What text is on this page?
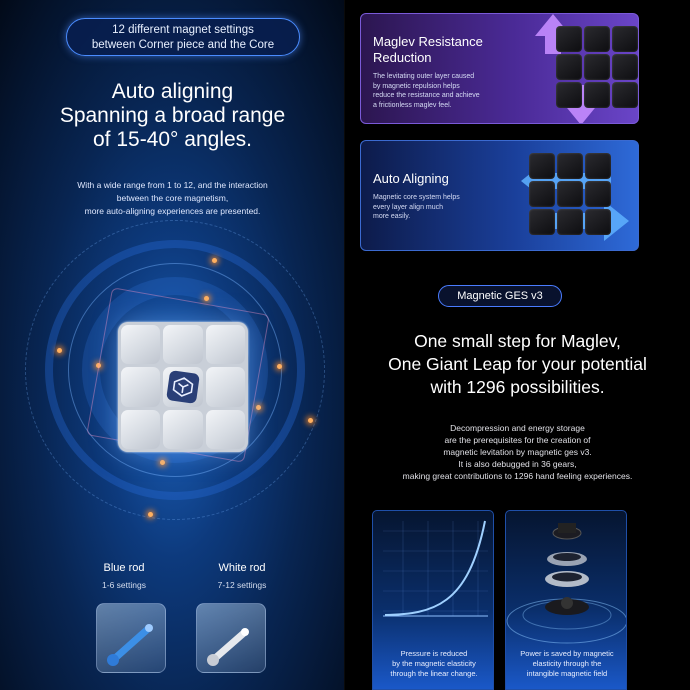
12 different magnet settings
between Corner piece and the Core
Auto aligning
Spanning a broad range
of 15-40° angles.
With a wide range from 1 to 12, and the interaction
between the core magnetism,
more auto-aligning experiences are presented.
Blue rod
1-6 settings
White rod
7-12 settings
Maglev Resistance
Reduction
The levitating outer layer caused
by magnetic repulsion helps
reduce the resistance and achieve
a frictionless maglev feel.
Auto Aligning
Magnetic core system helps
every layer align much
more easily.
One small step for Maglev,
One Giant Leap for your potential
with 1296 possibilities.
Decompression and energy storage
are the prerequisites for the creation of
magnetic levitation by magnetic ges v3.
It is also debugged in 36 gears,
making great contributions to 1296 hand feeling experiences.
Magnetic GES v3
Pressure is reduced
by the magnetic elasticity
through the linear change.
Power is saved by magnetic
elasticity through the
intangible magnetic field
